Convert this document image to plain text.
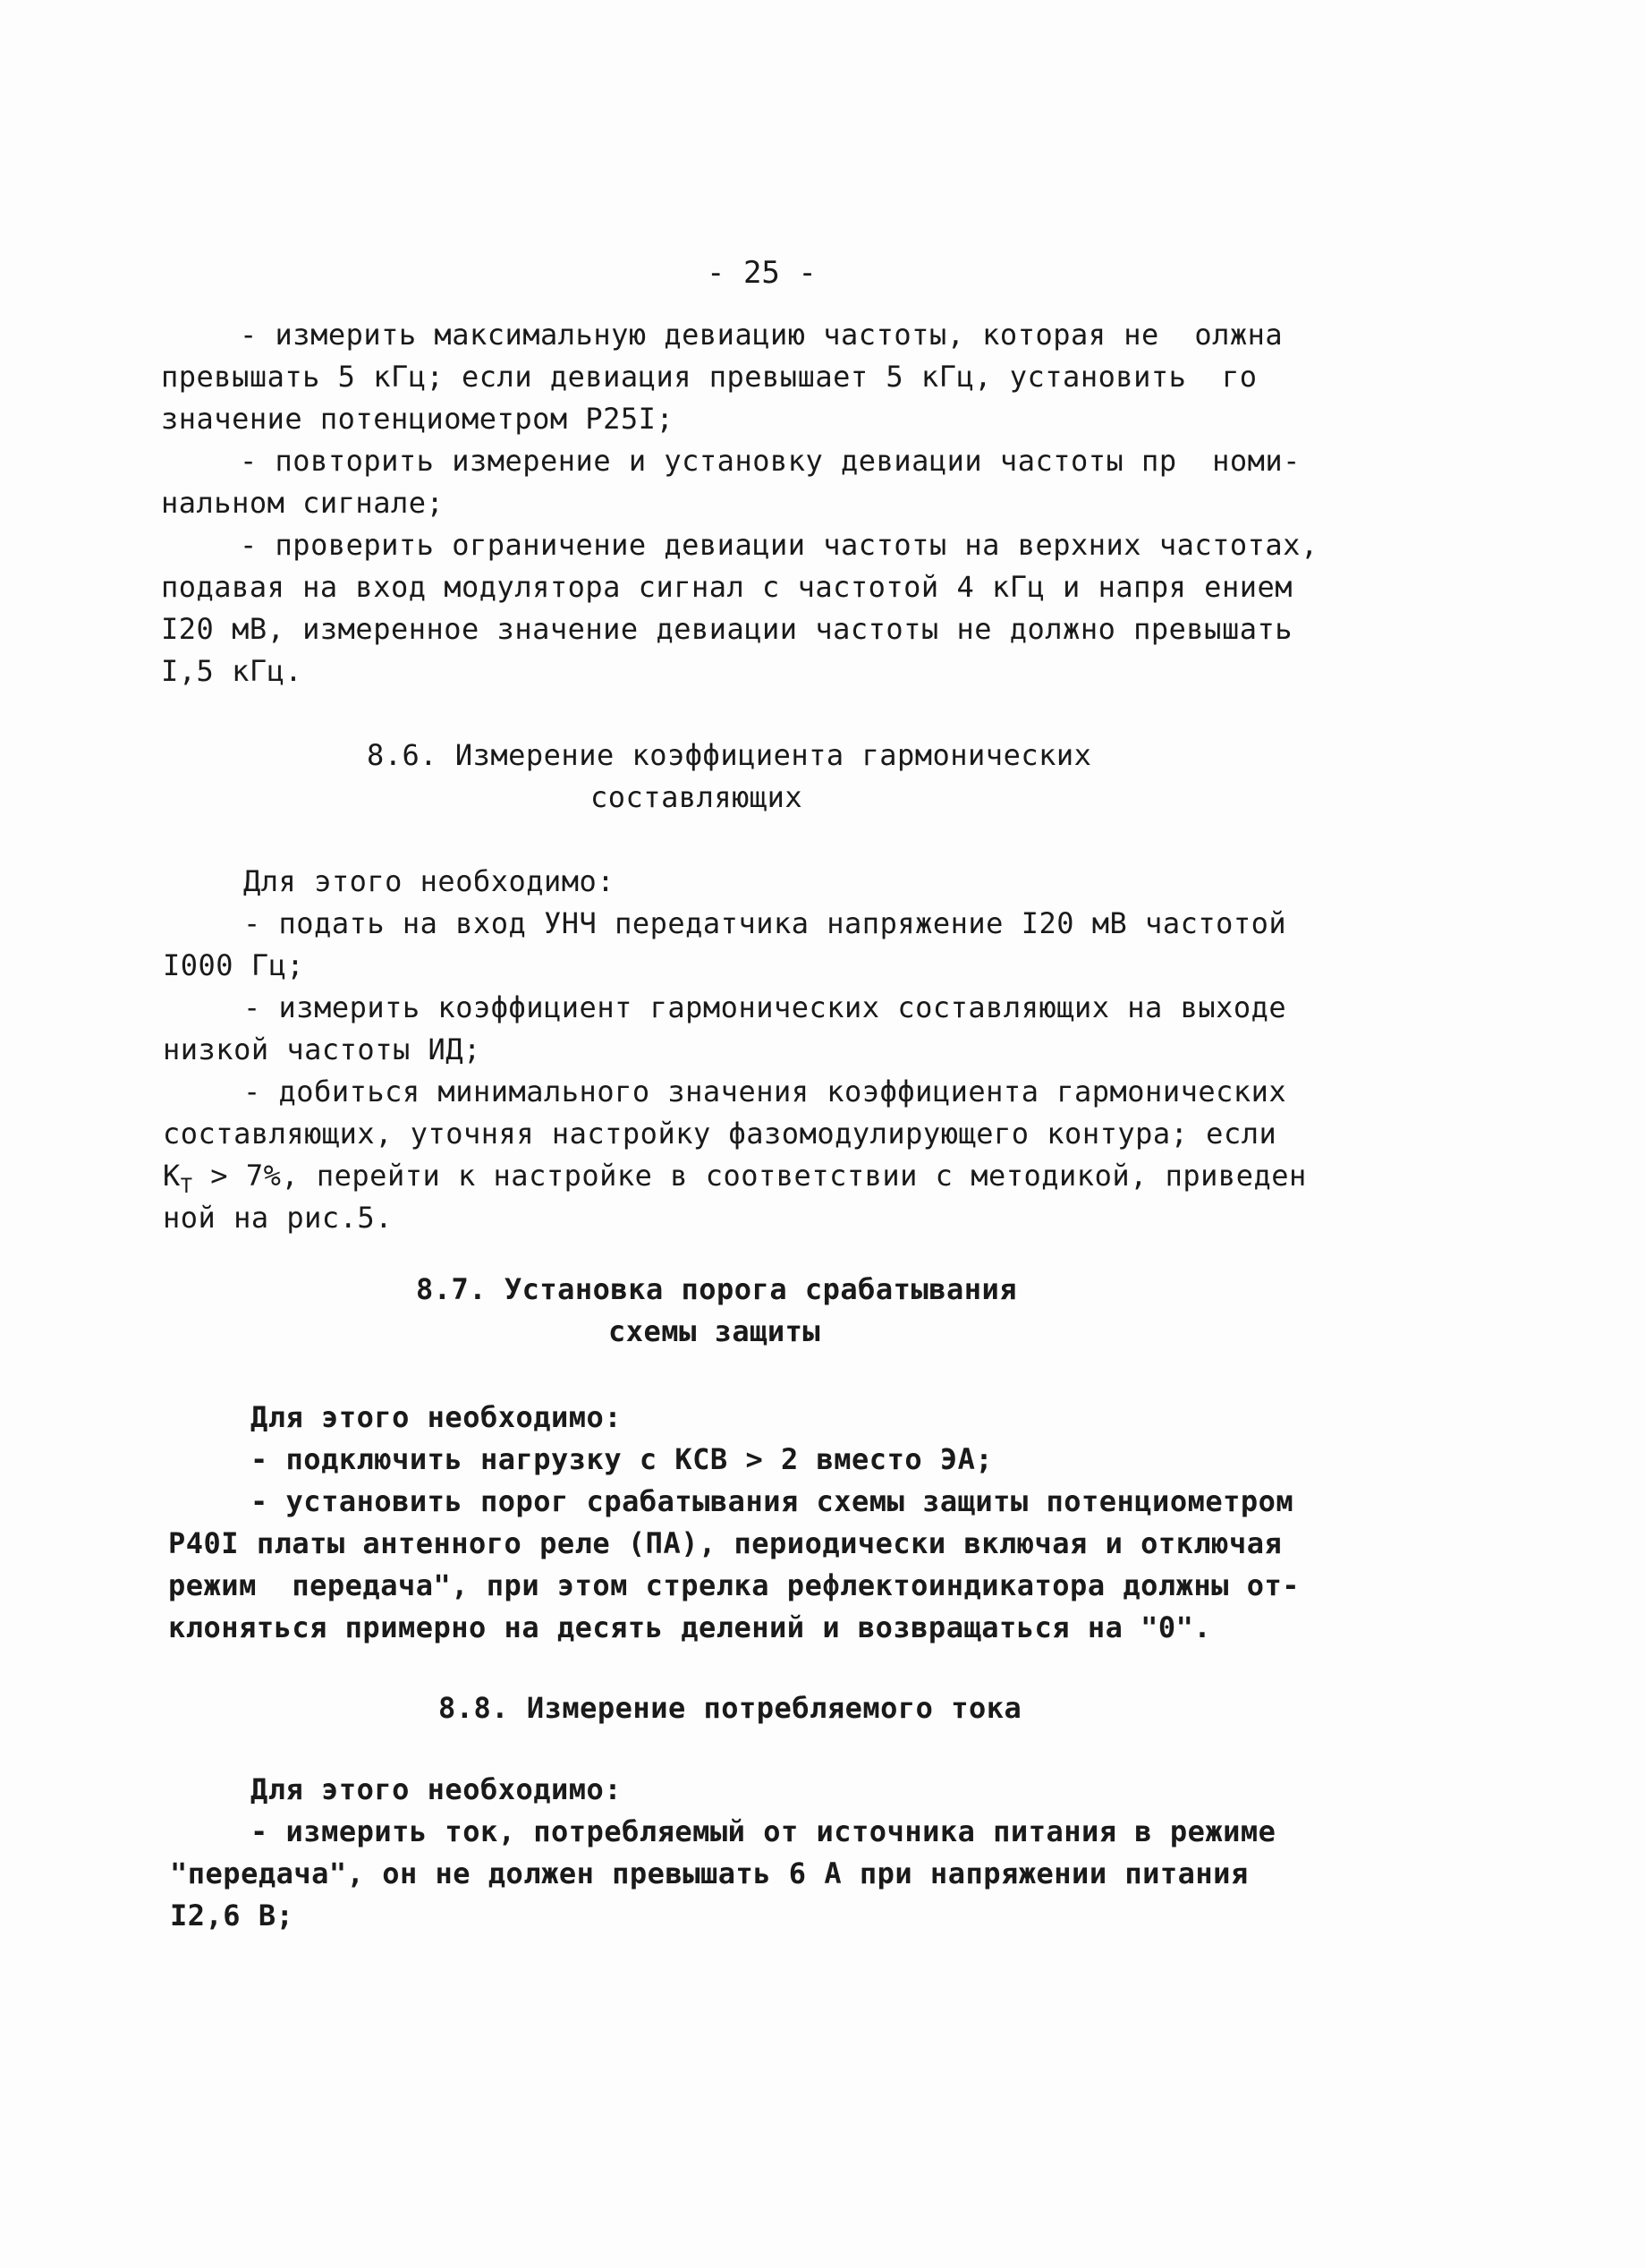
- 25 -
- измерить максимальную девиацию частоты, которая не  олжна
превышать 5 кГц; если девиация превышает 5 кГц, установить  го
значение потенциометром Р25I;
- повторить измерение и установку девиации частоты пр  номи-
нальном сигнале;
- проверить ограничение девиации частоты на верхних частотах,
подавая на вход модулятора сигнал с частотой 4 кГц и напря ением
I20 мВ, измеренное значение девиации частоты не должно превышать
I,5 кГц.
8.6. Измерение коэффициента гармонических
составляющих
Для этого необходимо:
- подать на вход УНЧ передатчика напряжение I20 мВ частотой
I000 Гц;
- измерить коэффициент гармонических составляющих на выходе
низкой частоты ИД;
- добиться минимального значения коэффициента гармонических
составляющих, уточняя настройку фазомодулирующего контура; если
$К_Т > 7\%$, перейти к настройке в соответствии с методикой, приведен
ной на рис.5.
8.7. Установка порога срабатывания
схемы защиты
Для этого необходимо:
- подключить нагрузку с КСВ > 2 вместо ЭА;
- установить порог срабатывания схемы защиты потенциометром
Р40I платы антенного реле (ПА), периодически включая и отключая
режим  передача", при этом стрелка рефлектоиндикатора должны от-
клоняться примерно на десять делений и возвращаться на "0".
8.8. Измерение потребляемого тока
Для этого необходимо:
- измерить ток, потребляемый от источника питания в режиме
"передача", он не должен превышать 6 А при напряжении питания
I2,6 В;
